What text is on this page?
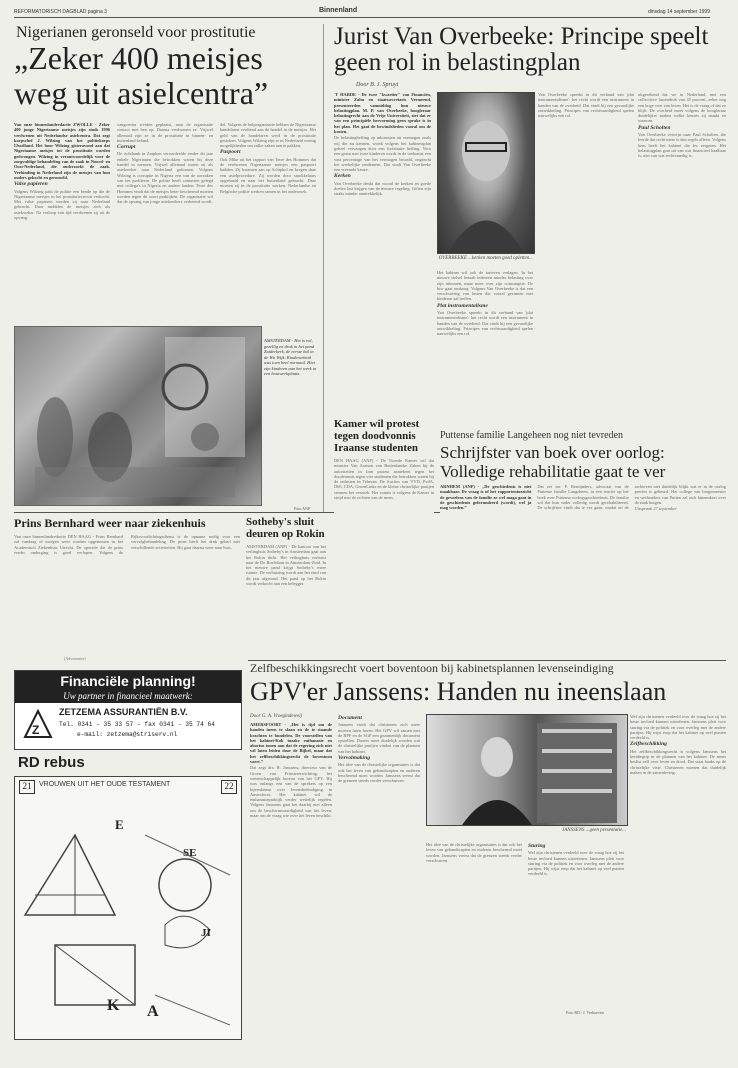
REFORMATORISCH DAGBLAD pagina 3	Binnenland	dinsdag 14 september 1999
Nigerianen geronseld voor prostitutie
„Zeker 400 meisjes
weg uit asielcentra”

Van onze binnenlandredactie ZWOLLE - Zeker 400 jonge Nigeriaanse meisjes zijn sinds 1996 verdwenen uit Nederlandse asielcentra. Dat zegt korpschef J. Wilzing van het politiekorps IJsselland. Het hoor Wilzing gisteravond aan dat Nigeriaanse meisjes tot de prostitutie worden gedwongen. Wilzing in verantwoordelijk voor de zorgvuldige behandeling van de zaak in Noord- en Oost-Nederland, die onderzoekt de zaak. Verbinding in Nederland zijn de meisjes van hun ouders gekocht en geronseld.

Valse papieren

Volgens Wilzing pakt de politie een bende op die de Nigeriaanse meisjes in het prostitutiecircuit verkocht. Met valse papieren werden zij naar Nederland gebracht. Daar meldden de meisjes zich als asielzoeker. Na verloop van tijd verdwenen zij uit de opvang.

vangcentra werden geplaatst, naar de organisatie contact met hen op. Daarna verdwenen ze. Vrijwel allemaal zijn ze in de prostitutie in binnen- en buitenland beland.

Corrupt

De richtbank in Zutphen veroordeelde eerder dit jaar enkele Nigerianen die betrokken waren bij deze handel in mensen. Vrijwel allemaal waren zij als asielzoeker naar Nederland gekomen. Volgens Wilzing is corruptie in Nigeria een van de oorzaken van het probleem. De politie heeft contacten gelegd met collega's in Nigeria en andere landen. Terre des Hommes vindt dat de meisjes beter beschermd moeten worden tegen dit soort praktijken. De organisatie wil dat de opvang van jonge asielzoekers verbeterd wordt.

del. Volgens de hulporganisatie hebben de Nigeriaanse handelaren verdiend aan de handel in de meisjes. Het geld van de handelaren werd in de prostitutie gestoken. Volgens Wilzing zijn er in Nederland weinig mogelijkheden om zulke zaken aan te pakken.

Paspoort

Ook Mike uit het rapport van Terre des Hommes dat de verdwenen Nigeriaanse meisjes een paspoort hadden. Zij kwamen aan op Schiphol en kregen daar een asielprocedure. Zij worden door smokkelaars opgehaald en naar het buitenland gebracht. Daar moeten zij in de prostitutie werken. Nederlandse en Belgische politie werken samen in het onderzoek.

AMSTERDAM - Het is vol, gezellig en druk in het pand Zuiderkerk, de eerste hal in de Wit Wijk, Kinderarbeid was toen heel normaal. Hier zijn kinderen aan het werk in een houtwerkplaats.
Foto ANP
Jurist Van Overbeeke: Principe speelt geen rol in belastingplan
Door B. J. Spruyt

'T HARDE - De twee "kwartier" van Financiën, minister Zalm en staatssecretaris Vermeend, presenteerden vanmiddag hun nieuwe belastingplan. M. P. van Overbeeke, hoogleraar belastingrecht aan de Vrije Universiteit, ziet dat er van een principiële hervorming geen sprake is in het plan. Het gaat de bewindslieden vooral om de kosten.

De belastingheffing op inkomsten uit vermogen zoals wij die nu kennen, wordt volgens het kabinetsplan geheel vervangen door een forfaitaire heffing. Voor een gezin met twee kinderen wordt in de toekomst een vast percentage van het vermogen betaald, ongeacht het werkelijke rendement. Dat vindt Van Overbeeke een vreemde keuze.

Kerken

Van Overbeeke denkt dat vooral de kerken en goede doelen last krijgen van de nieuwe regeling. Giften zijn straks minder aantrekkelijk.

OVERBEEKE ...kerken moeten goed opletten...

Het kabinet wil ook de tarieven verlagen. In het nieuwe stelsel betaalt iedereen minder belasting over zijn inkomen, maar meer over zijn consumptie. De btw gaat omhoog. Volgens Van Overbeeke is dat een verschuiving van lasten die vooral gezinnen met kinderen zal treffen.

Plat instrumentalisme

Van Overbeeke spreekt in dit verband van 'plat instrumentalisme': het recht wordt een instrument in handen van de overheid. Dat vindt hij een gevaarlijke ontwikkeling. Principes van rechtvaardigheid spelen nauwelijks een rol.

Van Overbeeke spreekt in dit verband van 'plat instrumentalisme': het recht wordt een instrument in handen van de overheid. Dat vindt hij een gevaarlijke ontwikkeling. Principes van rechtvaardigheid spelen nauwelijks een rol.

uitgerekend dat we in Nederland, met een collectieve lastendruk van 45 procent, zeker nog een hoge voet van leven. Het is de vraag of dat zo blijft. De overheid moet volgens de hoogleraar duidelijker maken welke keuzes zij maakt en waarom.

Paul Scholten

Van Overbeeke verwijst naar Paul Scholten, die leerde dat recht meer is dan regels alleen. Volgens hem heeft het kabinet die les vergeten. Het belastingplan gaat uit van wat financieel haalbaar is, niet van wat rechtvaardig is.

Prins Bernhard weer naar ziekenhuis
Van onze binnenlandredactie DEN HAAG - Prins Bernhard zal vandaag of morgen weer worden opgenomen in het Academisch Ziekenhuis Utrecht. De operatie die de prins eerder onderging is goed verlopen. Volgens de Rijksvoorlichtingsdienst is de opname nodig voor een vervolgbehandeling. De prins heeft het druk gehad met verschillende activiteiten. Hij gaat daarna weer naar huis.
Sotheby's sluit deuren op Rokin
AMSTERDAM (ANP) - De kantoor van het veilinghuis Sotheby's in Amsterdam gaat aan het Rokin dicht. Het veilinghuis verhuist naar de De Boelelaan in Amsterdam-Zuid. In het nieuwe pand krijgt Sotheby's meer ruimte. De verhuizing wordt aan het eind van dit jaar afgerond. Het pand op het Rokin wordt verkocht aan een belegger.
Kamer wil protest tegen doodvonnis Iraanse studenten
DEN HAAG (ANP) - De Tweede Kamer wil dat minister Van Aartsen van Buitenlandse Zaken bij de autoriteiten in Iran protest aantekent tegen het doodvonnis tegen vier studenten die betrokken waren bij de onlusten in Teheran. De fracties van VVD, PvdA, D66, CDA, GroenLinks en de kleine christelijke partijen steunen het verzoek. Het vonnis is volgens de Kamer in strijd met de rechten van de mens.
Puttense familie Langeheen nog niet tevreden
Schrijfster van boek over oorlog: Volledige rehabilitatie gaat te ver

ARNHEM (ANP) - „De geschiedenis is niet maakbaar. De vraag is of het rapportentoezicht de gevoelens van de familie ze wel maga gaat in de geschiedenis geformuleerd (wordt), wel ja mag worden.”

Dat zei mr. P. Romijnders, advocaat van de Puttense familie Langeheen, in een reactie op het boek over Puttense oorlogsgeschiedenis. De familie wil dat hun vader volledig wordt gerehabiliteerd. De schrijfster vindt dat te ver gaan, omdat uit de archieven niet duidelijk blijkt wat er in de oorlog precies is gebeurd. Het college van burgemeester en wethouders van Putten zal zich binnenkort over de zaak buigen.

Uitspraak 27 september

(Advertentie)
Zelfbeschikkingsrecht voert boventoon bij kabinetsplannen levenseindiging
GPV'er Janssens: Handen nu ineenslaan
Door G. A. Vroegindeweij

AMERSFOORT - „Het is tijd om de handen ineen te slaan en de te staande krachten te bundelen. De voorstellen van het kabinet-Kok inzake euthanasie en abortus tonen aan dat de regering zich niet wil laten leiden door de Bijbel, maar dat het zelfbeschikkingsrecht de boventoon voert.”

Dat zegt drs. R. Janssens, directeur van de Groen van Prinstererstichting, het wetenschappelijk bureau van het GPV. Hij was onlangs een van de sprekers op een bijeenkomst over levensbeëindiging in Amersfoort. Het kabinet wil de euthanasiepraktijk verder wettelijk regelen. Volgens Janssens gaat het daarbij niet alleen om de beschermwaardigheid van het leven, maar om de vraag wie over het leven beschikt.

Document

Janssens vindt dat christenen zich meer moeten laten horen. Het GPV wil samen met de RPF en de SGP een gezamenlijk document opstellen. Daarin moet duidelijk worden wat de christelijke partijen vinden van de plannen van het kabinet.

Vervolmaking

Het idee van de christelijke organisaties is dat ook het leven van gehandicapten en ouderen beschermd moet worden. Janssens vreest dat de grenzen steeds verder verschuiven.

JANSSENS ...geen presentatie...
Foto RD / J. Verhoeven

Het idee van de christelijke organisaties is dat ook het leven van gehandicapten en ouderen beschermd moet worden. Janssens vreest dat de grenzen steeds verder verschuiven.

Sturing

Wel zijn christenen verdeeld over de vraag hoe zij het beste invloed kunnen uitoefenen. Janssens pleit voor sturing via de politiek en voor overleg met de andere partijen. Hij wijst erop dat het kabinet op veel punten verdeeld is.

Wel zijn christenen verdeeld over de vraag hoe zij het beste invloed kunnen uitoefenen. Janssens pleit voor sturing via de politiek en voor overleg met de andere partijen. Hij wijst erop dat het kabinet op veel punten verdeeld is.

Zelfbeschikking

Het zelfbeschikkingsrecht is volgens Janssens het kernbegrip in de plannen van het kabinet. De mens beslist zelf over leven en dood. Dat staat haaks op de christelijke visie. Christenen moeten dat duidelijk maken in de samenleving.

Financiële planning!
Uw partner in financieel maatwerk:
Z
ZETZEMA ASSURANTIËN B.V.
Tel. 0341 - 35 33 57 - fax 0341 - 35 74 64
e-mail: zetzema@striserv.nl
RD rebus
21	VROUWEN UIT HET OUDE TESTAMENT	22
E
SE
JI
K A
